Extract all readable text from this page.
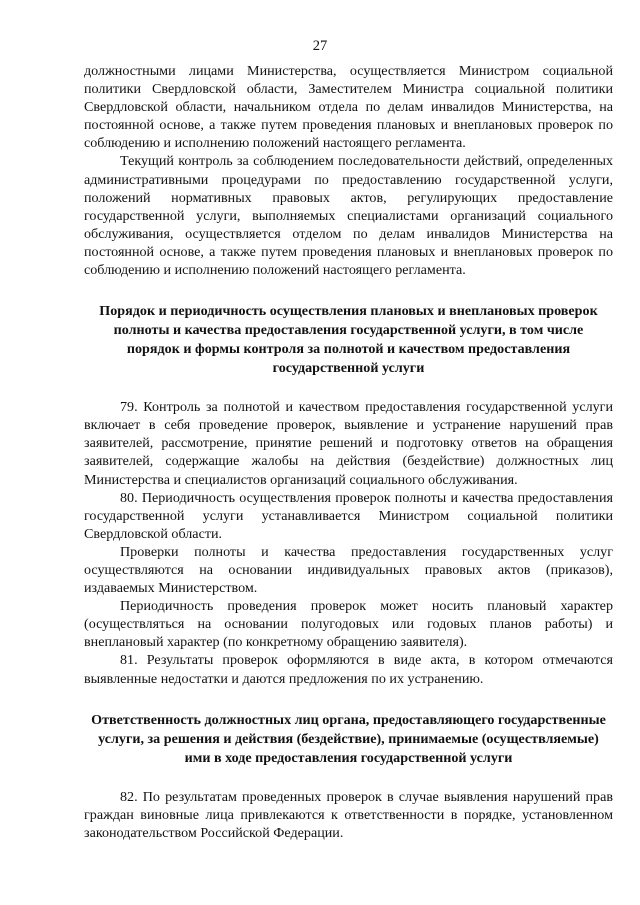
27

должностными лицами Министерства, осуществляется Министром социальной политики Свердловской области, Заместителем Министра социальной политики Свердловской области, начальником отдела по делам инвалидов Министерства, на постоянной основе, а также путем проведения плановых и внеплановых проверок по соблюдению и исполнению положений настоящего регламента.

Текущий контроль за соблюдением последовательности действий, определенных административными процедурами по предоставлению государственной услуги, положений нормативных правовых актов, регулирующих предоставление государственной услуги, выполняемых специалистами организаций социального обслуживания, осуществляется отделом по делам инвалидов Министерства на постоянной основе, а также путем проведения плановых и внеплановых проверок по соблюдению и исполнению положений настоящего регламента.

Порядок и периодичность осуществления плановых и внеплановых проверок полноты и качества предоставления государственной услуги, в том числе порядок и формы контроля за полнотой и качеством предоставления государственной услуги

79. Контроль за полнотой и качеством предоставления государственной услуги включает в себя проведение проверок, выявление и устранение нарушений прав заявителей, рассмотрение, принятие решений и подготовку ответов на обращения заявителей, содержащие жалобы на действия (бездействие) должностных лиц Министерства и специалистов организаций социального обслуживания.

80. Периодичность осуществления проверок полноты и качества предоставления государственной услуги устанавливается Министром социальной политики Свердловской области.

Проверки полноты и качества предоставления государственных услуг осуществляются на основании индивидуальных правовых актов (приказов), издаваемых Министерством.

Периодичность проведения проверок может носить плановый характер (осуществляться на основании полугодовых или годовых планов работы) и внеплановый характер (по конкретному обращению заявителя).

81. Результаты проверок оформляются в виде акта, в котором отмечаются выявленные недостатки и даются предложения по их устранению.

Ответственность должностных лиц органа, предоставляющего государственные услуги, за решения и действия (бездействие), принимаемые (осуществляемые) ими в ходе предоставления государственной услуги

82. По результатам проведенных проверок в случае выявления нарушений прав граждан виновные лица привлекаются к ответственности в порядке, установленном законодательством Российской Федерации.
